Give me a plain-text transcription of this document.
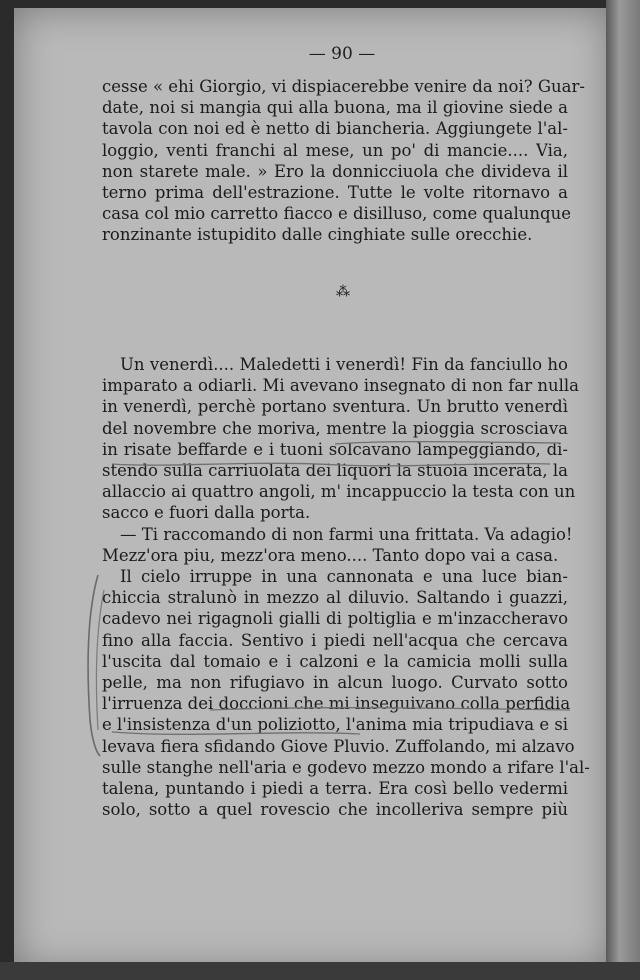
— 90 —
cesse « ehi Giorgio, vi dispiacerebbe venire da noi? Guar-
date, noi si mangia qui alla buona, ma il giovine siede a
tavola con noi ed è netto di biancheria. Aggiungete l'al-
loggio, venti franchi al mese, un po' di mancie.... Via,
non starete male. » Ero la donnicciuola che divideva il
terno prima dell'estrazione. Tutte le volte ritornavo a
casa col mio carretto fiacco e disilluso, come qualunque
ronzinante istupidito dalle cinghiate sulle orecchie.
⁂
Un venerdì.... Maledetti i venerdì! Fin da fanciullo ho
imparato a odiarli. Mi avevano insegnato di non far nulla
in venerdì, perchè portano sventura. Un brutto venerdì
del novembre che moriva, mentre la pioggia scrosciava
in risate beffarde e i tuoni solcavano lampeggiando, di-
stendo sulla carriuolata dei liquori la stuoia incerata, la
allaccio ai quattro angoli, m' incappuccio la testa con un
sacco e fuori dalla porta.
— Ti raccomando di non farmi una frittata. Va adagio!
Mezz'ora piu, mezz'ora meno.... Tanto dopo vai a casa.
Il cielo irruppe in una cannonata e una luce bian-
chiccia stralunò in mezzo al diluvio. Saltando i guazzi,
cadevo nei rigagnoli gialli di poltiglia e m'inzaccheravo
fino alla faccia. Sentivo i piedi nell'acqua che cercava
l'uscita dal tomaio e i calzoni e la camicia molli sulla
pelle, ma non rifugiavo in alcun luogo. Curvato sotto
l'irruenza dei doccioni che mi inseguivano colla perfidia
e l'insistenza d'un poliziotto, l'anima mia tripudiava e si
levava fiera sfidando Giove Pluvio. Zuffolando, mi alzavo
sulle stanghe nell'aria e godevo mezzo mondo a rifare l'al-
talena, puntando i piedi a terra. Era così bello vedermi
solo, sotto a quel rovescio che incolleriva sempre più
